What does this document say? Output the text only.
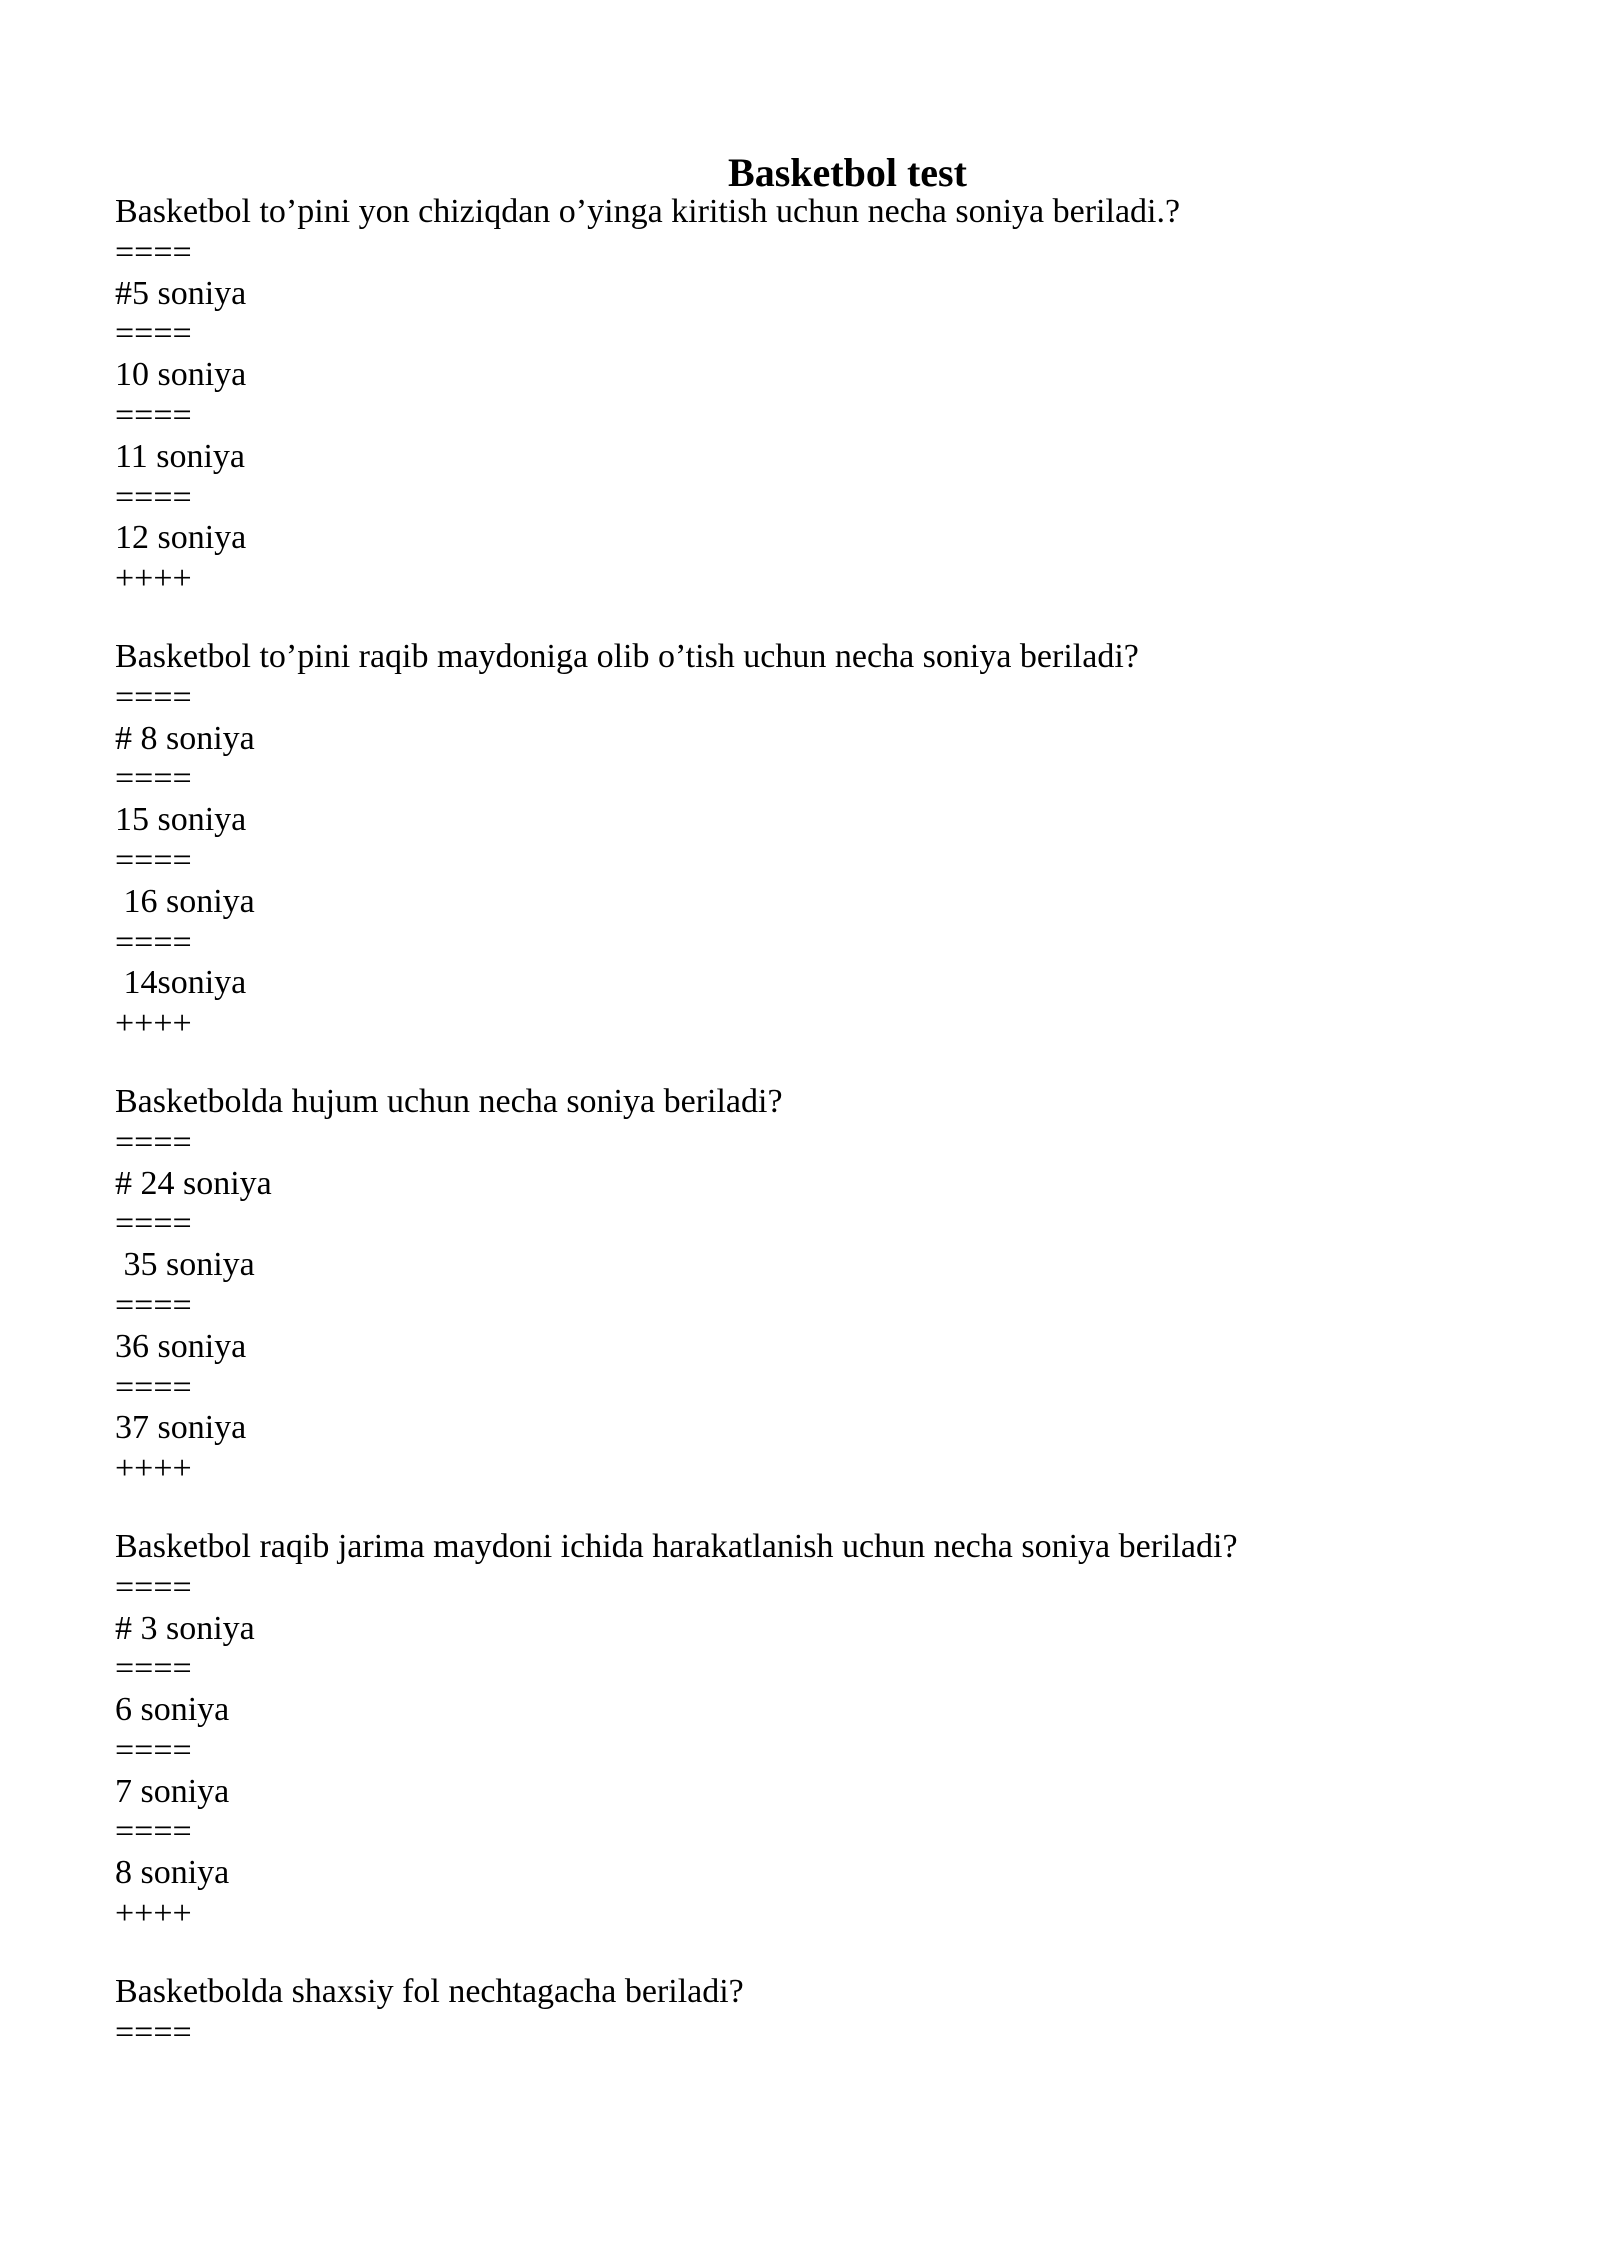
Basketbol test
Basketbol to’pini yon chiziqdan o’yinga kiritish uchun necha soniya beriladi.?
====
#5 soniya
====
10 soniya
====
11 soniya
====
12 soniya
++++
Basketbol to’pini raqib maydoniga olib o’tish uchun necha soniya beriladi?
====
# 8 soniya
====
15 soniya
====
16 soniya
====
14soniya
++++
Basketbolda hujum uchun necha soniya beriladi?
====
# 24 soniya
====
35 soniya
====
36 soniya
====
37 soniya
++++
Basketbol raqib jarima maydoni ichida harakatlanish uchun necha soniya beriladi?
====
# 3 soniya
====
6 soniya
====
7 soniya
====
8 soniya
++++
Basketbolda shaxsiy fol nechtagacha beriladi?
====
